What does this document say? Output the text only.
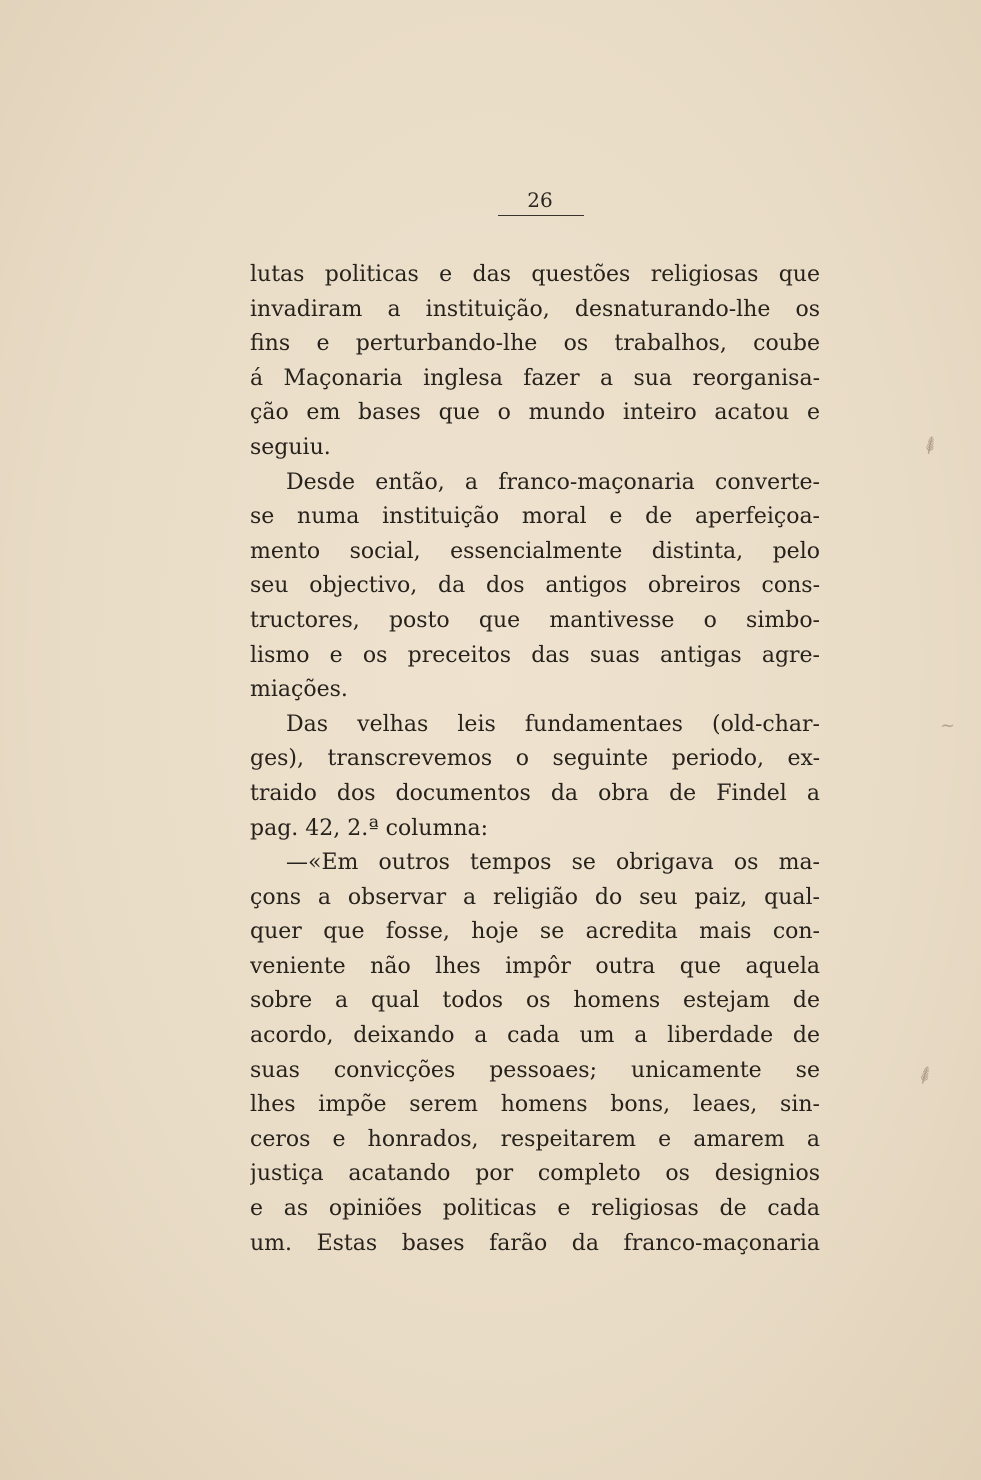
26
lutas politicas e das questões religiosas que
invadiram a instituição, desnaturando-lhe os
fins e perturbando-lhe os trabalhos, coube
á Maçonaria inglesa fazer a sua reorganisa-
ção em bases que o mundo inteiro acatou e
seguiu.
Desde então, a franco-maçonaria converte-
se numa instituição moral e de aperfeiçoa-
mento social, essencialmente distinta, pelo
seu objectivo, da dos antigos obreiros cons-
tructores, posto que mantivesse o simbo-
lismo e os preceitos das suas antigas agre-
miações.
Das velhas leis fundamentaes (old-char-
ges), transcrevemos o seguinte periodo, ex-
traido dos documentos da obra de Findel a
pag. 42, 2.ª columna:
—«Em outros tempos se obrigava os ma-
çons a observar a religião do seu paiz, qual-
quer que fosse, hoje se acredita mais con-
veniente não lhes impôr outra que aquela
sobre a qual todos os homens estejam de
acordo, deixando a cada um a liberdade de
suas convicções pessoaes; unicamente se
lhes impõe serem homens bons, leaes, sin-
ceros e honrados, respeitarem e amarem a
justiça acatando por completo os designios
e as opiniões politicas e religiosas de cada
um. Estas bases farão da franco-maçonaria
⸙
~
⸙
